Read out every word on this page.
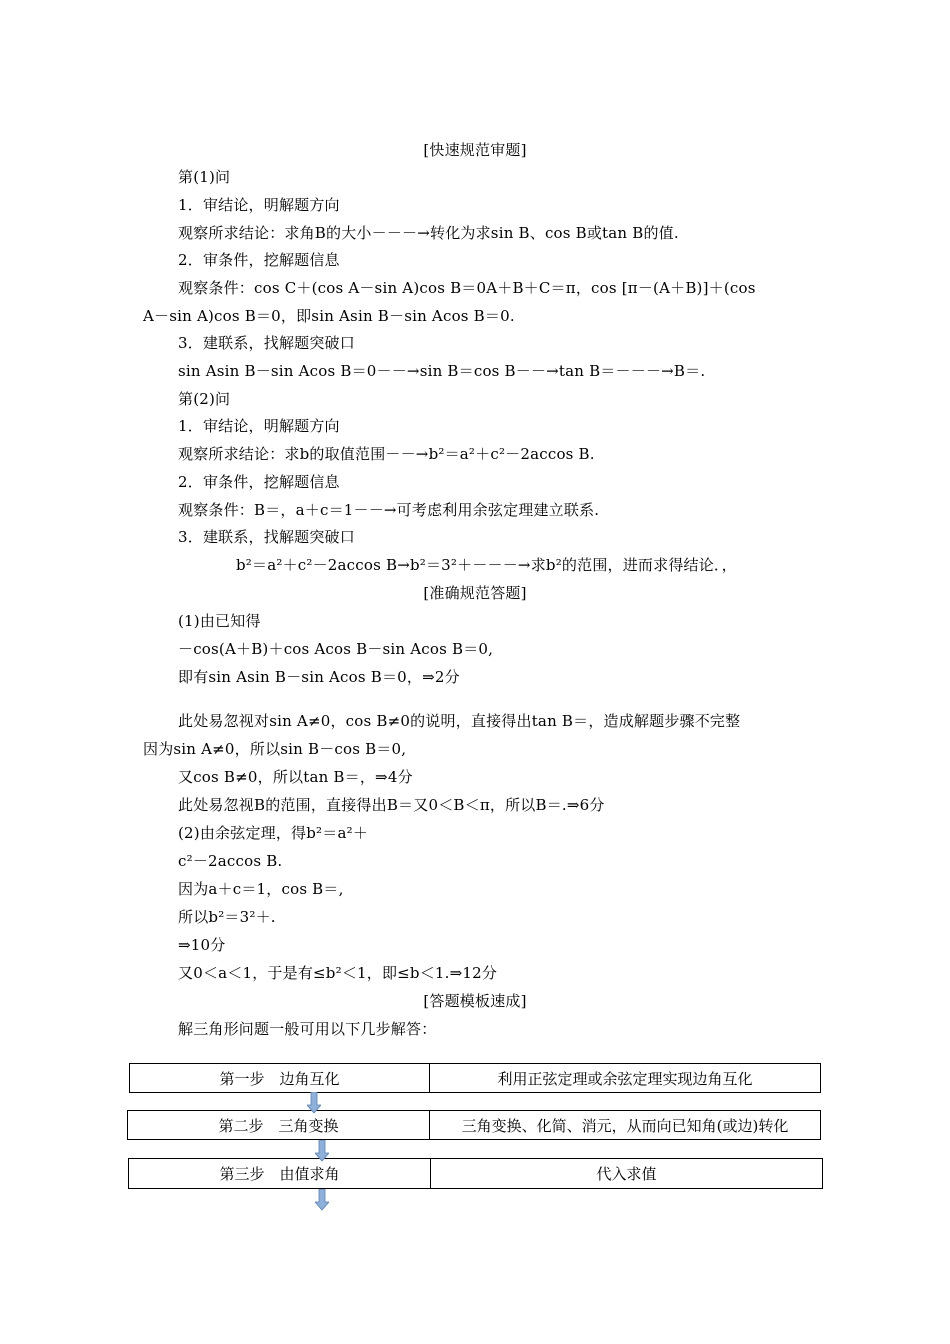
[快速规范审题]
第(1)问
1．审结论，明解题方向
观察所求结论：求角B的大小－－－→转化为求sin B、cos B或tan B的值.
2．审条件，挖解题信息
观察条件：cos C＋(cos A－sin A)cos B＝0A＋B＋C＝π，cos [π－(A＋B)]＋(cos
A－sin A)cos B＝0，即sin Asin B－sin Acos B＝0.
3．建联系，找解题突破口
sin Asin B－sin Acos B＝0－－→sin B＝cos B－－→tan B＝－－－→B＝.
第(2)问
1．审结论，明解题方向
观察所求结论：求b的取值范围－－→b²＝a²＋c²－2accos B.
2．审条件，挖解题信息
观察条件：B＝，a＋c＝1－－→可考虑利用余弦定理建立联系.
3．建联系，找解题突破口
b²＝a²＋c²－2accos B→b²＝3²＋－－－→求b²的范围，进而求得结论．，
[准确规范答题]
(1)由已知得
－cos(A＋B)＋cos Acos B－sin Acos B＝0,
即有sin Asin B－sin Acos B＝0，⇒2分
此处易忽视对sin A≠0，cos B≠0的说明，直接得出tan B＝，造成解题步骤不完整
因为sin A≠0，所以sin B－cos B＝0,
又cos B≠0，所以tan B＝，⇒4分
此处易忽视B的范围，直接得出B＝又0＜B＜π，所以B＝.⇒6分
(2)由余弦定理，得b²＝a²＋
c²－2accos B.
因为a＋c＝1，cos B＝,
所以b²＝3²＋.
⇒10分
又0＜a＜1，于是有≤b²＜1，即≤b＜1.⇒12分
[答题模板速成]
解三角形问题一般可用以下几步解答：
第一步　边角互化	利用正弦定理或余弦定理实现边角互化
第二步　三角变换	三角变换、化简、消元，从而向已知角(或边)转化
第三步　由值求角	代入求值
